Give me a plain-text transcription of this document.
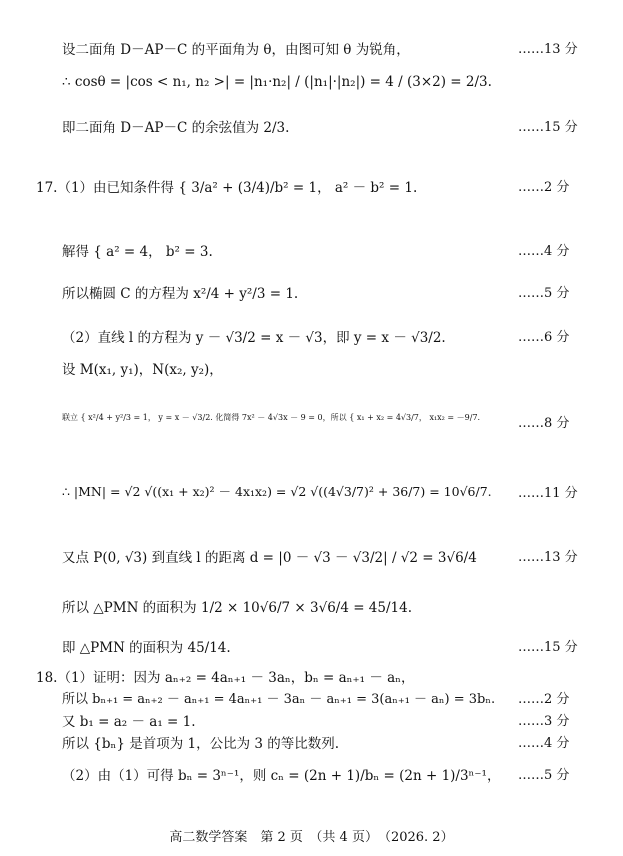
设二面角 D－AP－C 的平面角为 θ，由图可知 θ 为锐角，	……13 分
∴ cosθ = |cos < n₁, n₂ >| = |n₁·n₂| / (|n₁|·|n₂|) = 4 / (3×2) = 2/3.
即二面角 D－AP－C 的余弦值为 2/3.	……15 分
17.（1）由已知条件得 { 3/a² + (3/4)/b² = 1， a² － b² = 1.	……2 分
解得 { a² = 4， b² = 3.	……4 分
所以椭圆 C 的方程为 x²/4 + y²/3 = 1.	……5 分
（2）直线 l 的方程为 y － √3/2 = x － √3，即 y = x － √3/2.	……6 分
设 M(x₁, y₁)，N(x₂, y₂)，
联立 { x²/4 + y²/3 = 1， y = x － √3/2. 化简得 7x² － 4√3x － 9 = 0，所以 { x₁ + x₂ = 4√3/7， x₁x₂ = －9/7.	……8 分
∴ |MN| = √2 √((x₁ + x₂)² － 4x₁x₂) = √2 √((4√3/7)² + 36/7) = 10√6/7. ……11 分
又点 P(0, √3) 到直线 l 的距离 d = |0 － √3 － √3/2| / √2 = 3√6/4	……13 分
所以 △PMN 的面积为 1/2 × 10√6/7 × 3√6/4 = 45/14.
即 △PMN 的面积为 45/14.	……15 分
18.（1）证明：因为 aₙ₊₂ = 4aₙ₊₁ － 3aₙ，bₙ = aₙ₊₁ － aₙ，
所以 bₙ₊₁ = aₙ₊₂ － aₙ₊₁ = 4aₙ₊₁ － 3aₙ － aₙ₊₁ = 3(aₙ₊₁ － aₙ) = 3bₙ. ……2 分
又 b₁ = a₂ － a₁ = 1.	……3 分
所以 {bₙ} 是首项为 1，公比为 3 的等比数列.	……4 分
（2）由（1）可得 bₙ = 3ⁿ⁻¹，则 cₙ = (2n + 1)/bₙ = (2n + 1)/3ⁿ⁻¹， ……5 分
高二数学答案　第 2 页　（共 4 页）　（2026. 2）
